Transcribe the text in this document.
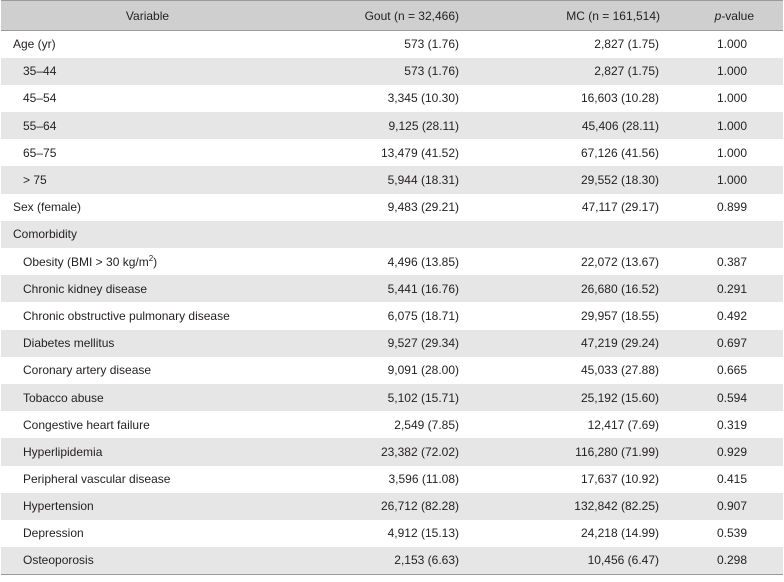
Variable	Gout (n = 32,466)	MC (n = 161,514)	p-value
Age (yr)	573 (1.76)	2,827 (1.75)	1.000
35–44	573 (1.76)	2,827 (1.75)	1.000
45–54	3,345 (10.30)	16,603 (10.28)	1.000
55–64	9,125 (28.11)	45,406 (28.11)	1.000
65–75	13,479 (41.52)	67,126 (41.56)	1.000
> 75	5,944 (18.31)	29,552 (18.30)	1.000
Sex (female)	9,483 (29.21)	47,117 (29.17)	0.899
Comorbidity			
Obesity (BMI > 30 $kg/m^2$)	4,496 (13.85)	22,072 (13.67)	0.387
Chronic kidney disease	5,441 (16.76)	26,680 (16.52)	0.291
Chronic obstructive pulmonary disease	6,075 (18.71)	29,957 (18.55)	0.492
Diabetes mellitus	9,527 (29.34)	47,219 (29.24)	0.697
Coronary artery disease	9,091 (28.00)	45,033 (27.88)	0.665
Tobacco abuse	5,102 (15.71)	25,192 (15.60)	0.594
Congestive heart failure	2,549 (7.85)	12,417 (7.69)	0.319
Hyperlipidemia	23,382 (72.02)	116,280 (71.99)	0.929
Peripheral vascular disease	3,596 (11.08)	17,637 (10.92)	0.415
Hypertension	26,712 (82.28)	132,842 (82.25)	0.907
Depression	4,912 (15.13)	24,218 (14.99)	0.539
Osteoporosis	2,153 (6.63)	10,456 (6.47)	0.298
